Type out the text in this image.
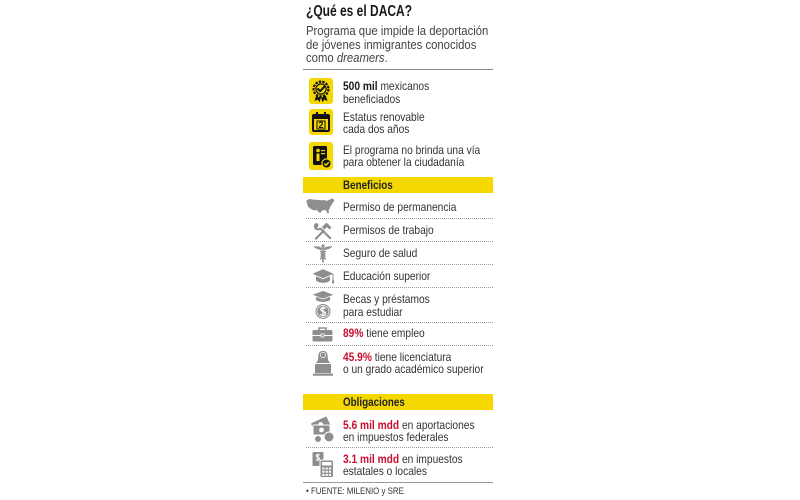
¿Qué es el DACA?
Programa que impide la deportación
de jóvenes inmigrantes conocidos
como dreamers.
500 mil mexicanos
beneficiados
2
Estatus renovable
cada dos años
El programa no brinda una vía
para obtener la ciudadanía
Beneficios
Permiso de permanencia
Permisos de trabajo
Seguro de salud
Educación superior
Becas y préstamos
para estudiar
89% tiene empleo
45.9% tiene licenciatura
o un grado académico superior
Obligaciones
5.6 mil mdd en aportaciones
en impuestos federales
3.1 mil mdd en impuestos
estatales o locales
• FUENTE: MILENIO y SRE
